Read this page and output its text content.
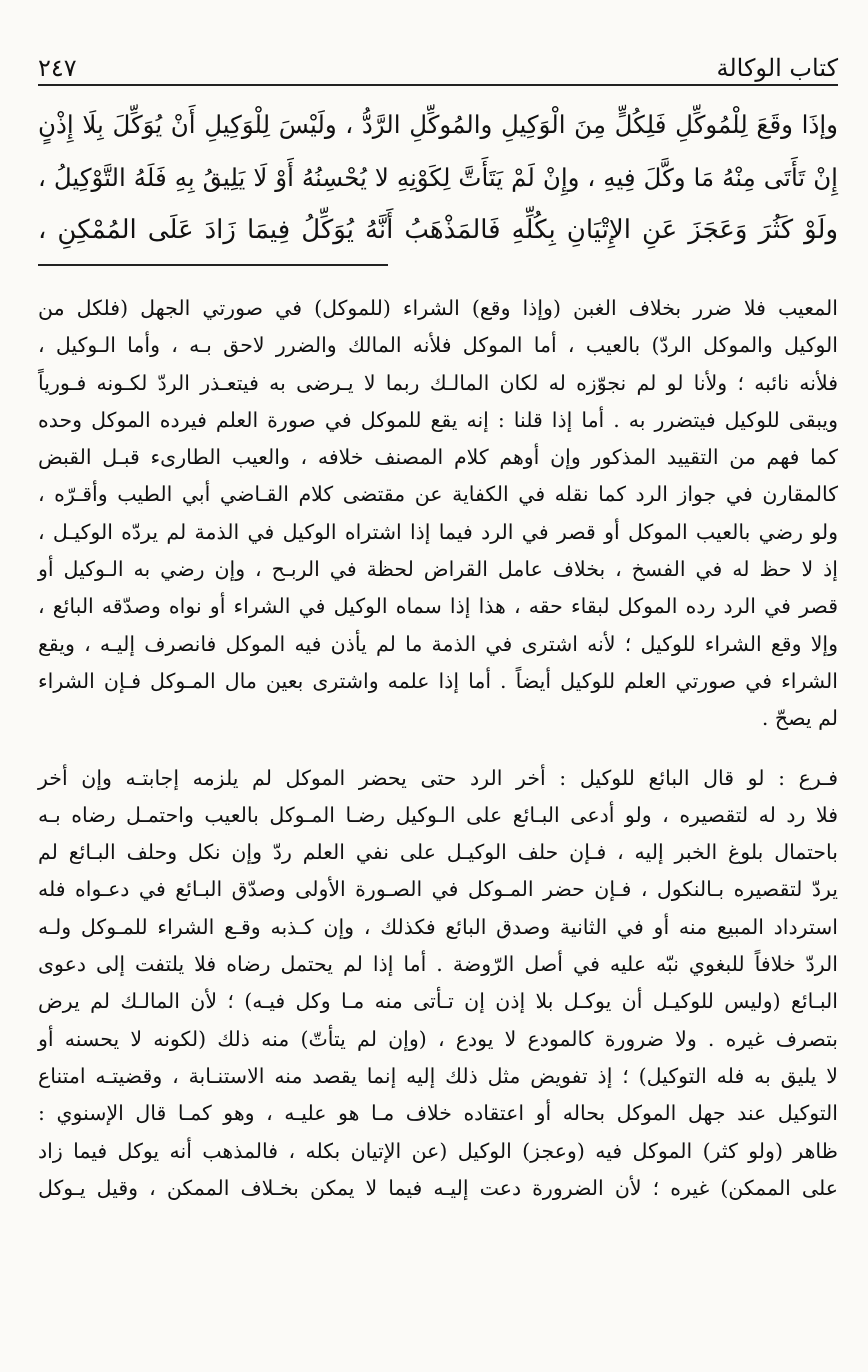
كتاب الوكالة
٢٤٧

وإذَا وقَعَ لِلْمُوكِّلِ فَلِكُلٍّ مِنَ الْوَكِيلِ والمُوكِّلِ الرَّدُّ ، ولَيْسَ لِلْوَكِيلِ أَنْ يُوَكِّلَ بِلَا إِذْنٍ

إِنْ تَأَتَى مِنْهُ مَا وكَّلَ فِيهِ ، وإِنْ لَمْ يَتَأَتَّ لِكَوْنِهِ لا يُحْسِنُهُ أَوْ لَا يَلِيقُ بِهِ فَلَهُ التَّوْكِيلُ ،

ولَوْ كَثُرَ وَعَجَزَ عَنِ الإِتْيَانِ بِكُلِّهِ فَالمَذْهَبُ أَنَّهُ يُوَكِّلُ فِيمَا زَادَ عَلَى المُمْكِنِ ،

المعيب فلا ضرر بخلاف الغبن (وإذا وقع) الشراء (للموكل) في صورتي الجهل (فلكل من

الوكيل والموكل الردّ) بالعيب ، أما الموكل فلأنه المالك والضرر لاحق بـه ، وأما الـوكيل ،

فلأنه نائبه ؛ ولأنا لو لم نجوّزه له لكان المالـك ربما لا يـرضى به فيتعـذر الردّ لكـونه فـورياً

ويبقى للوكيل فيتضرر به . أما إذا قلنا : إنه يقع للموكل في صورة العلم فيرده الموكل وحده

كما فهم من التقييد المذكور وإن أوهم كلام المصنف خلافه ، والعيب الطارىء قبـل القبض

كالمقارن في جواز الرد كما نقله في الكفاية عن مقتضى كلام القـاضي أبي الطيب وأقـرّه ،

ولو رضي بالعيب الموكل أو قصر في الرد فيما إذا اشتراه الوكيل في الذمة لم يردّه الوكيـل ،

إذ لا حظ له في الفسخ ، بخلاف عامل القراض لحظة في الربـح ، وإن رضي به الـوكيل أو

قصر في الرد رده الموكل لبقاء حقه ، هذا إذا سماه الوكيل في الشراء أو نواه وصدّقه البائع ،

وإلا وقع الشراء للوكيل ؛ لأنه اشترى في الذمة ما لم يأذن فيه الموكل فانصرف إليـه ، ويقع

الشراء في صورتي العلم للوكيل أيضاً . أما إذا علمه واشترى بعين مال المـوكل فـإن الشراء

لم يصحّ .

فـرع : لو قال البائع للوكيل : أخر الرد حتى يحضر الموكل لم يلزمه إجابتـه وإن أخر

فلا رد له لتقصيره ، ولو أدعى البـائع على الـوكيل رضـا المـوكل بالعيب واحتمـل رضاه بـه

باحتمال بلوغ الخبر إليه ، فـإن حلف الوكيـل على نفي العلم ردّ وإن نكل وحلف البـائع لم

يردّ لتقصيره بـالنكول ، فـإن حضر المـوكل في الصـورة الأولى وصدّق البـائع في دعـواه فله

استرداد المبيع منه أو في الثانية وصدق البائع فكذلك ، وإن كـذبه وقـع الشراء للمـوكل ولـه

الردّ خلافاً للبغوي نبّه عليه في أصل الرّوضة . أما إذا لم يحتمل رضاه فلا يلتفت إلى دعوى

البـائع (وليس للوكيـل أن يوكـل بلا إذن إن تـأتى منه مـا وكل فيـه) ؛ لأن المالـك لم يرض

بتصرف غيره . ولا ضرورة كالمودع لا يودع ، (وإن لم يتأتّ) منه ذلك (لكونه لا يحسنه أو

لا يليق به فله التوكيل) ؛ إذ تفويض مثل ذلك إليه إنما يقصد منه الاستنـابة ، وقضيتـه امتناع

التوكيل عند جهل الموكل بحاله أو اعتقاده خلاف مـا هو عليـه ، وهو كمـا قال الإسنوي :

ظاهر (ولو كثر) الموكل فيه (وعجز) الوكيل (عن الإتيان بكله ، فالمذهب أنه يوكل فيما زاد

على الممكن) غيره ؛ لأن الضرورة دعت إليـه فيما لا يمكن بخـلاف الممكن ، وقيل يـوكل
